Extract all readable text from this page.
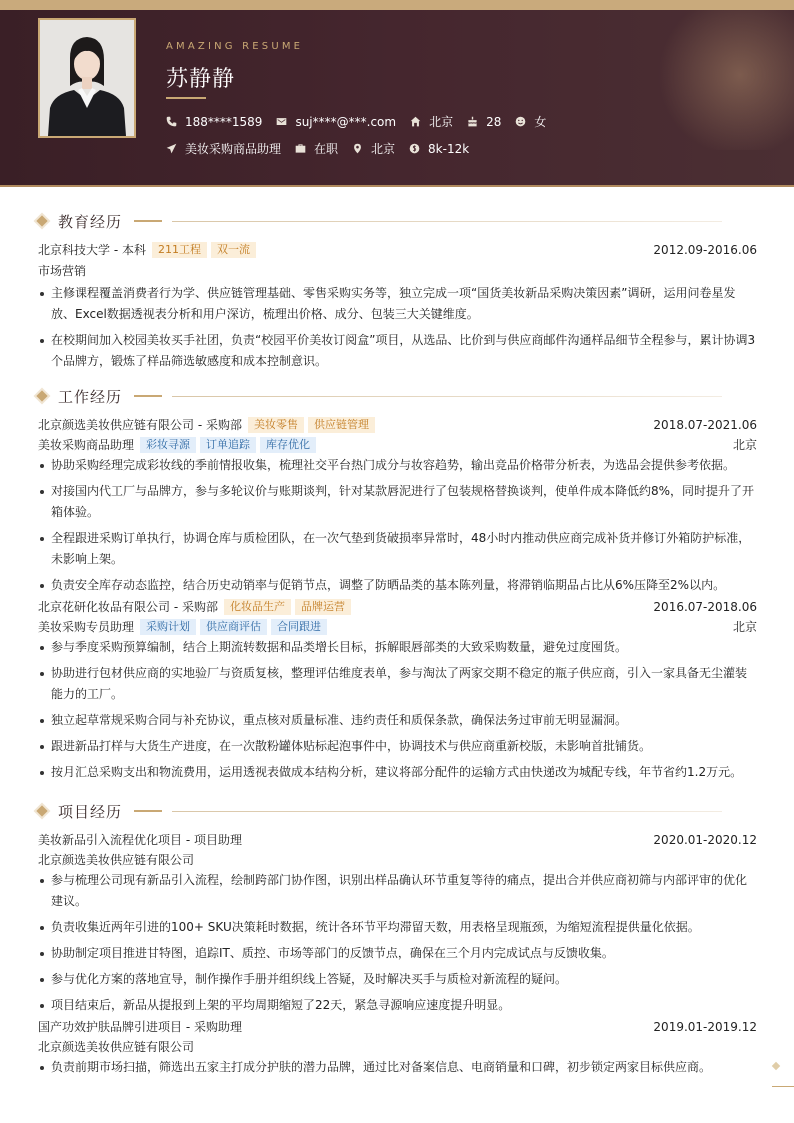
AMAZING RESUME
苏静静
188****1589	suj****@***.com	北京	28	女
美妆采购商品助理	在职	北京	8k-12k
教育经历
北京科技大学 - 本科	211工程	双一流	2012.09-2016.06
市场营销
主修课程覆盖消费者行为学、供应链管理基础、零售采购实务等，独立完成一项“国货美妆新品采购决策因素”调研，运用问卷星发放、Excel数据透视表分析和用户深访，梳理出价格、成分、包装三大关键维度。
在校期间加入校园美妆买手社团，负责“校园平价美妆订阅盒”项目，从选品、比价到与供应商邮件沟通样品细节全程参与，累计协调3个品牌方，锻炼了样品筛选敏感度和成本控制意识。
工作经历
北京颜选美妆供应链有限公司 - 采购部	美妆零售	供应链管理	2018.07-2021.06
美妆采购商品助理	彩妆寻源	订单追踪	库存优化	北京
协助采购经理完成彩妆线的季前情报收集，梳理社交平台热门成分与妆容趋势，输出竞品价格带分析表，为选品会提供参考依据。
对接国内代工厂与品牌方，参与多轮议价与账期谈判，针对某款唇泥进行了包装规格替换谈判，使单件成本降低约8%，同时提升了开箱体验。
全程跟进采购订单执行，协调仓库与质检团队，在一次气垫到货破损率异常时，48小时内推动供应商完成补货并修订外箱防护标准，未影响上架。
负责安全库存动态监控，结合历史动销率与促销节点，调整了防晒品类的基本陈列量，将滞销临期品占比从6%压降至2%以内。
北京花研化妆品有限公司 - 采购部	化妆品生产	品牌运营	2016.07-2018.06
美妆采购专员助理	采购计划	供应商评估	合同跟进	北京
参与季度采购预算编制，结合上期流转数据和品类增长目标，拆解眼唇部类的大致采购数量，避免过度囤货。
协助进行包材供应商的实地验厂与资质复核，整理评估维度表单，参与淘汰了两家交期不稳定的瓶子供应商，引入一家具备无尘灌装能力的工厂。
独立起草常规采购合同与补充协议，重点核对质量标准、违约责任和质保条款，确保法务过审前无明显漏洞。
跟进新品打样与大货生产进度，在一次散粉罐体贴标起泡事件中，协调技术与供应商重新校版，未影响首批铺货。
按月汇总采购支出和物流费用，运用透视表做成本结构分析，建议将部分配件的运输方式由快递改为城配专线，年节省约1.2万元。
项目经历
美妆新品引入流程优化项目 - 项目助理	2020.01-2020.12
北京颜选美妆供应链有限公司
参与梳理公司现有新品引入流程，绘制跨部门协作图，识别出样品确认环节重复等待的痛点，提出合并供应商初筛与内部评审的优化建议。
负责收集近两年引进的100+ SKU决策耗时数据，统计各环节平均滞留天数，用表格呈现瓶颈，为缩短流程提供量化依据。
协助制定项目推进甘特图，追踪IT、质控、市场等部门的反馈节点，确保在三个月内完成试点与反馈收集。
参与优化方案的落地宣导，制作操作手册并组织线上答疑，及时解决买手与质检对新流程的疑问。
项目结束后，新品从提报到上架的平均周期缩短了22天，紧急寻源响应速度提升明显。
国产功效护肤品牌引进项目 - 采购助理	2019.01-2019.12
北京颜选美妆供应链有限公司
负责前期市场扫描，筛选出五家主打成分护肤的潜力品牌，通过比对备案信息、电商销量和口碑，初步锁定两家目标供应商。
